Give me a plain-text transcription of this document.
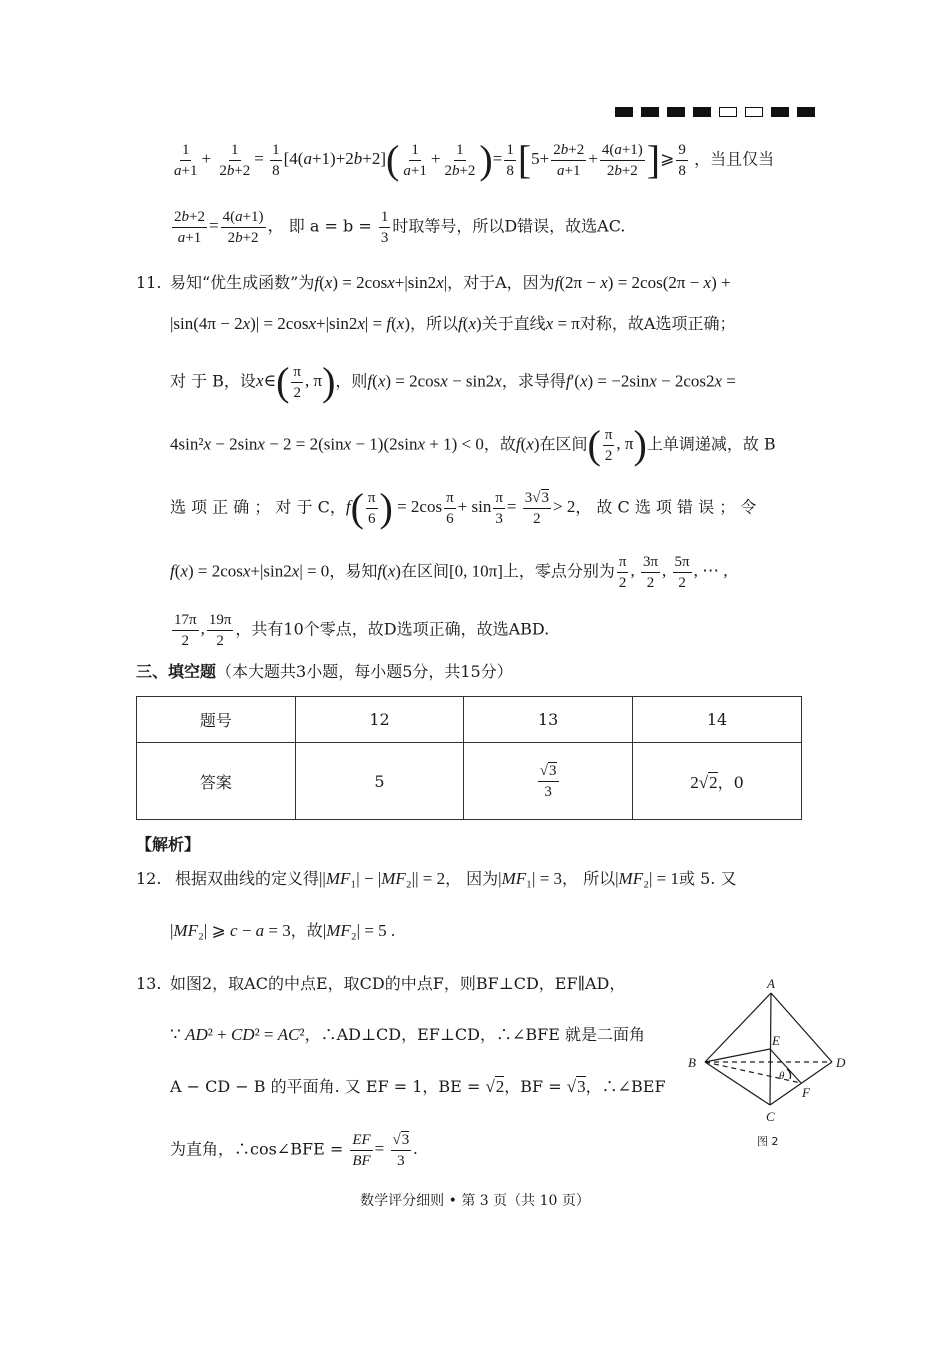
$\frac{1}{a+1} + \frac{1}{2b+2} = \frac{1}{8} [4(a+1)+2b+2]( \frac{1}{a+1} + \frac{1}{2b+2}$ )= $\frac{1}{8} [5+ \frac{2b+2}{a+1} + \frac{4(a+1)}{2b+2}$ ]⩾ $\frac{9}{8}$ ，当且仅当
$\frac{2b+2}{a+1} = \frac{4(a+1)}{2b+2}$ ， 即 $a = b = \frac{1}{3}$ 时取等号，所以D错误，故选AC.
11. 易知“优生成函数”为f(x) = 2cosx+|sin2x|，对于A，因为f(2π − x) = 2cos(2π − x) +
|sin(4π − 2x)| = 2cosx+|sin2x| = f(x)，所以f(x)关于直线x = π对称，故A选项正确；
对 于 B，设x∈( $\frac{\pi}{2}$ , π)，则f(x) = 2cosx − sin2x，求导得f′(x) = −2sinx − 2cos2x =
4sin²x − 2sinx − 2 = 2(sinx − 1)(2sinx + 1) < 0，故f(x)在区间( $\frac{\pi}{2}$ , π)上单调递减，故 B
选 项 正 确 ； 对 于 C，$f( \frac{\pi}{6}$ ) = $2\cos \frac{\pi}{6} + \sin \frac{\pi}{3} = \frac{3√3}{2} > 2$， 故 C 选 项 错 误 ； 令
f(x) = 2cosx+|sin2x| = 0，易知f(x)在区间[0, 10π]上，零点分别为 $\frac{\pi}{2}$ , $\frac{3\pi}{2}$ , $\frac{5\pi}{2}$ , ⋯ ,
$\frac{17\pi}{2}$ , $\frac{19\pi}{2}$ ，共有10个零点，故D选项正确，故选ABD.
三、填空题（本大题共3小题，每小题5分，共15分）
题号	12	13	14
答案	5	$\frac{√3}{3}$	2√2，0
【解析】
12. 根据双曲线的定义得||MF₁| − |MF₂|| = 2， 因为|MF₁| = 3， 所以|MF₂| = 1或 5. 又
|MF₂| ⩾ c − a = 3，故|MF₂| = 5 .
13. 如图2，取AC的中点E，取CD的中点F，则BF⊥CD，EF∥AD，
∵ AD² + CD² = AC²，∴AD⊥CD，EF⊥CD，∴∠BFE 就是二面角
A − CD − B 的平面角. 又 EF = 1，BE = √2，BF = √3，∴∠BEF
为直角，∴cos∠BFE = $\frac{EF}{BF} = \frac{√3}{3}$ .
A
B
C
D
E
F
θ
图 2
数学评分细则 • 第 3 页（共 10 页）
